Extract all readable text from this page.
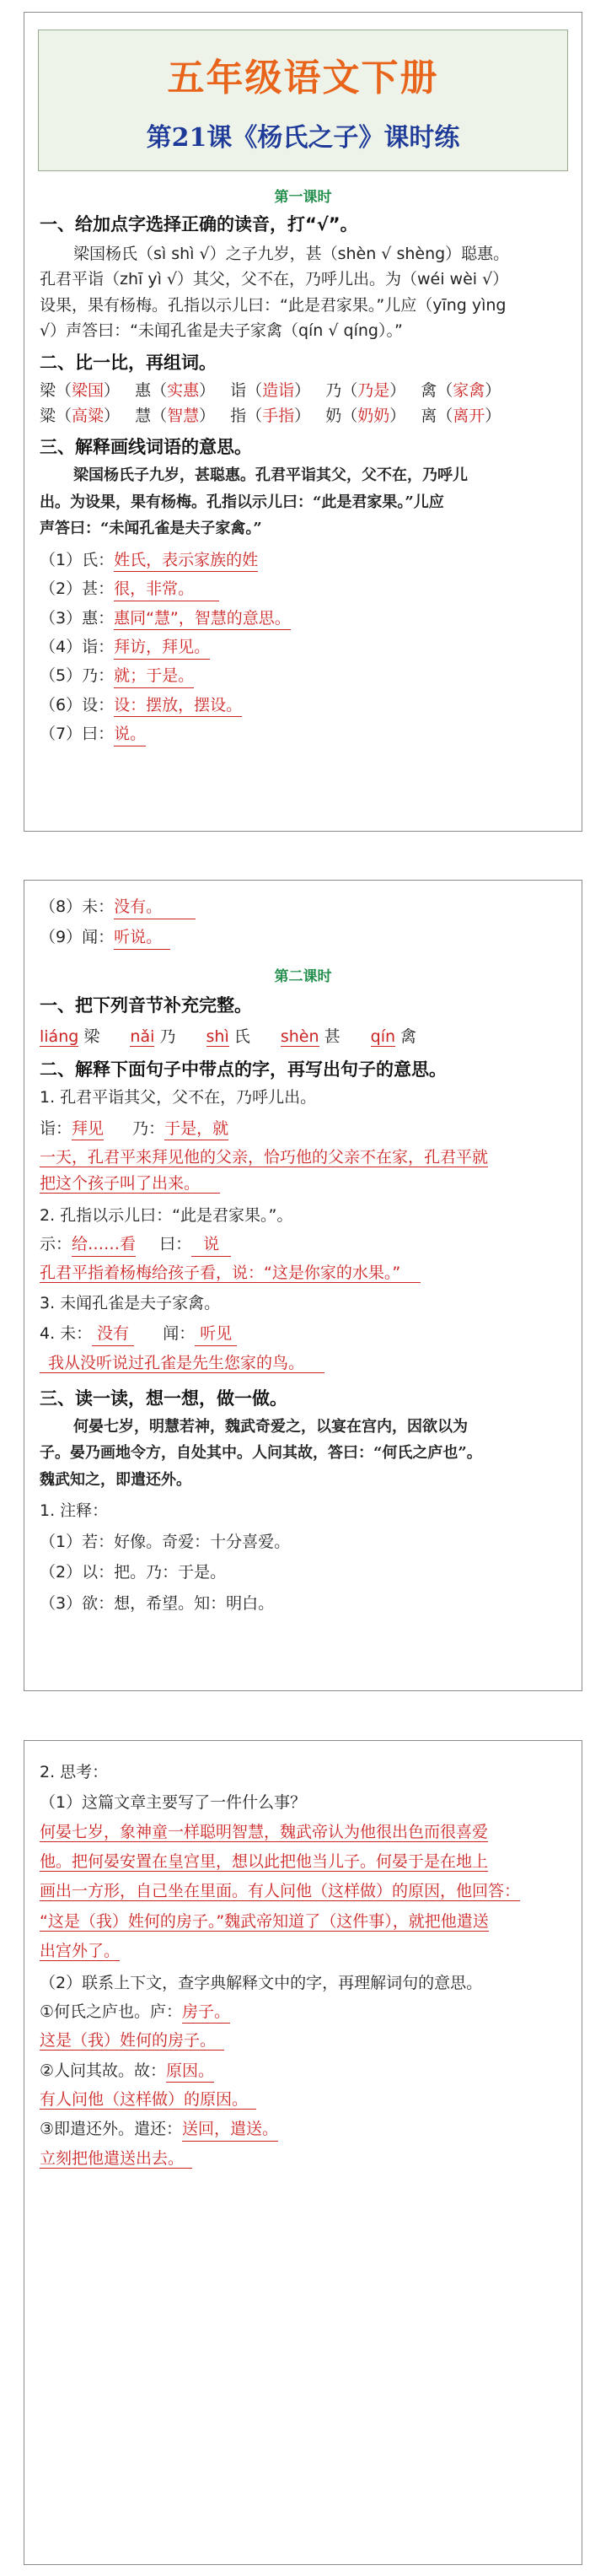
五年级语文下册
第21课《杨氏之子》课时练
第一课时
一、给加点字选择正确的读音，打“√”。
梁国杨氏（sì shì √）之子九岁，甚（shèn √ shèng）聪惠。
孔君平诣（zhī yì √）其父，父不在，乃呼儿出。为（wéi wèi √）
设果，果有杨梅。孔指以示儿曰：“此是君家果。”儿应（yīng yìng
√）声答曰：“未闻孔雀是夫子家禽（qín √ qíng）。”
二、比一比，再组词。
梁（梁国） 惠（实惠） 诣（造诣） 乃（乃是） 禽（家禽）
粱（高粱） 慧（智慧） 指（手指） 奶（奶奶） 离（离开）
三、解释画线词语的意思。
梁国杨氏子九岁，甚聪惠。孔君平诣其父，父不在，乃呼儿
出。为设果，果有杨梅。孔指以示儿曰：“此是君家果。”儿应
声答曰：“未闻孔雀是夫子家禽。”
（1）氏：姓氏，表示家族的姓
（2）甚：很，非常。
（3）惠：惠同“慧”，智慧的意思。
（4）诣：拜访，拜见。
（5）乃：就；于是。
（6）设：设：摆放，摆设。
（7）曰：说。
（8）未：没有。
（9）闻：听说。
第二课时
一、把下列音节补充完整。
liáng 梁 nǎi 乃 shì 氏 shèn 甚 qín 禽
二、解释下面句子中带点的字，再写出句子的意思。
1. 孔君平诣其父，父不在，乃呼儿出。
诣：拜见 乃：于是，就
一天，孔君平来拜见他的父亲，恰巧他的父亲不在家，孔君平就
把这个孩子叫了出来。
2. 孔指以示儿曰：“此是君家果。”。
示：给……看 曰： 说
孔君平指着杨梅给孩子看，说：“这是你家的水果。”
3. 未闻孔雀是夫子家禽。
4. 未： 没有 闻： 听见
我从没听说过孔雀是先生您家的鸟。
三、读一读，想一想，做一做。
何晏七岁，明慧若神，魏武奇爱之，以宴在宫内，因欲以为
子。晏乃画地令方，自处其中。人问其故，答曰：“何氏之庐也”。
魏武知之，即遣还外。
1. 注释：
（1）若：好像。奇爱：十分喜爱。
（2）以：把。乃：于是。
（3）欲：想，希望。知：明白。
2. 思考：
（1）这篇文章主要写了一件什么事？
何晏七岁，象神童一样聪明智慧，魏武帝认为他很出色而很喜爱
他。把何晏安置在皇宫里，想以此把他当儿子。何晏于是在地上
画出一方形，自己坐在里面。有人问他（这样做）的原因，他回答：
“这是（我）姓何的房子。”魏武帝知道了（这件事），就把他遣送
出宫外了。
（2）联系上下文，查字典解释文中的字，再理解词句的意思。
①何氏之庐也。庐：房子。
这是（我）姓何的房子。
②人问其故。故：原因。
有人问他（这样做）的原因。
③即遣还外。遣还：送回，遣送。
立刻把他遣送出去。
